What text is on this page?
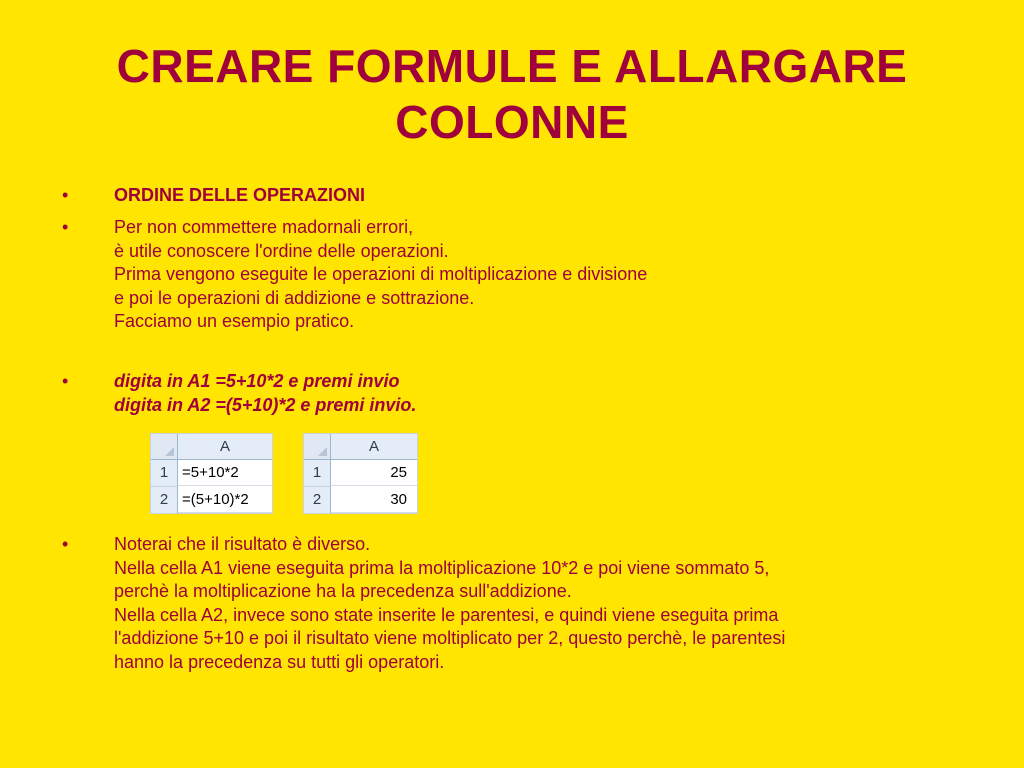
CREARE FORMULE E ALLARGARE
COLONNE
•	ORDINE DELLE OPERAZIONI
•	Per non commettere madornali errori,
è utile conoscere l'ordine delle operazioni.
Prima vengono eseguite le operazioni di moltiplicazione e divisione
e poi le operazioni di addizione e sottrazione.
Facciamo un esempio pratico.
•	digita in A1 =5+10*2 e premi invio
digita in A2 =(5+10)*2 e premi invio.
A
1 =5+10*2
2 =(5+10)*2
A
1	25
2	30
•	Noterai che il risultato è diverso.
Nella cella A1 viene eseguita prima la moltiplicazione 10*2 e poi viene sommato 5,
perchè la moltiplicazione ha la precedenza sull'addizione.
Nella cella A2, invece sono state inserite le parentesi, e quindi viene eseguita prima
l'addizione 5+10 e poi il risultato viene moltiplicato per 2, questo perchè, le parentesi
hanno la precedenza su tutti gli operatori.
